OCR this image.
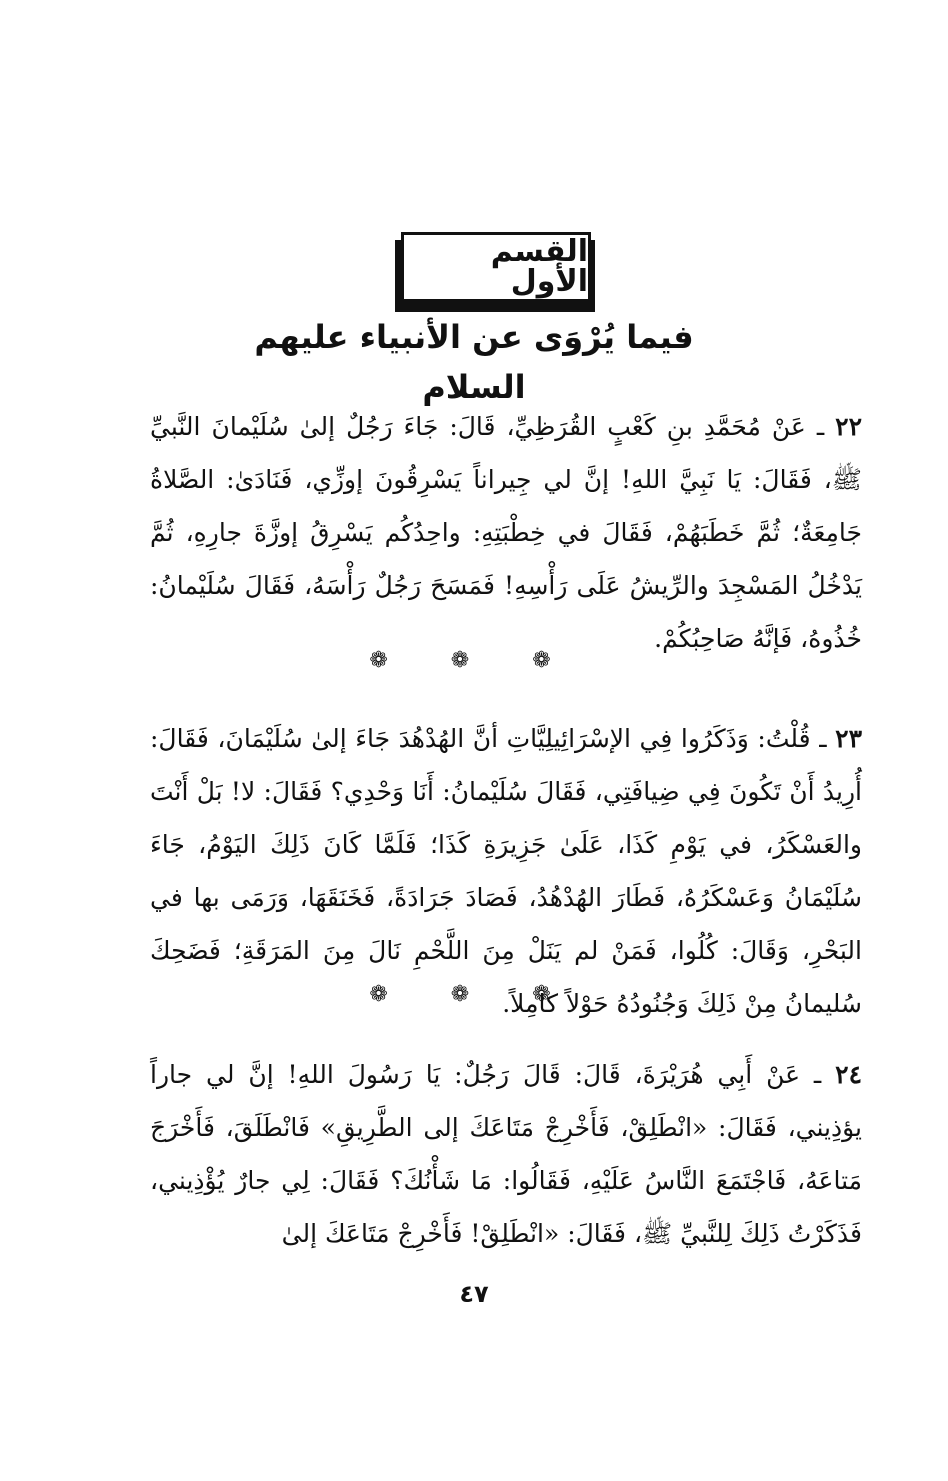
القسم الأول
فيما يُرْوَى عن الأنبياء عليهم السلام

٢٢ ـ عَنْ مُحَمَّدِ بنِ كَعْبٍ القُرَظِيِّ، قَالَ: جَاءَ رَجُلٌ إلىٰ سُلَيْمانَ النَّبيِّ ﷺ، فَقَالَ: يَا نَبِيَّ اللهِ! إنَّ لي جِيراناً يَسْرِقُونَ إوزِّي، فَنَادَىٰ: الصَّلاةُ جَامِعَةٌ؛ ثُمَّ خَطَبَهُمْ، فَقَالَ في خِطْبَتِهِ: واحِدُكُم يَسْرِقُ إوزَّةَ جارِهِ، ثُمَّ يَدْخُلُ المَسْجِدَ والرِّيشُ عَلَى رَأْسِهِ! فَمَسَحَ رَجُلٌ رَأْسَهُ، فَقَالَ سُلَيْمانُ: خُذُوهُ، فَإنَّهُ صَاحِبُكُمْ.

❁ ❁ ❁

٢٣ ـ قُلْتُ: وَذَكَرُوا فِي الإسْرَائِيلِيَّاتِ أنَّ الهُدْهُدَ جَاءَ إلىٰ سُلَيْمَانَ، فَقَالَ: أُرِيدُ أَنْ تَكُونَ فِي ضِيافَتِي، فَقَالَ سُلَيْمانُ: أَنَا وَحْدِي؟ فَقَالَ: لا! بَلْ أَنْتَ والعَسْكَرُ، في يَوْمِ كَذَا، عَلَىٰ جَزِيرَةِ كَذَا؛ فَلَمَّا كَانَ ذَلِكَ اليَوْمُ، جَاءَ سُلَيْمَانُ وَعَسْكَرُهُ، فَطَارَ الهُدْهُدُ، فَصَادَ جَرَادَةً، فَخَنَقَهَا، وَرَمَى بها في البَحْرِ، وَقَالَ: كُلُوا، فَمَنْ لم يَنَلْ مِنَ اللَّحْمِ نَالَ مِنَ المَرَقَةِ؛ فَضَحِكَ سُليمانُ مِنْ ذَلِكَ وَجُنُودُهُ حَوْلاً كامِلاً.

❁ ❁ ❁

٢٤ ـ عَنْ أَبِي هُرَيْرَةَ، قَالَ: قَالَ رَجُلٌ: يَا رَسُولَ اللهِ! إنَّ لي جاراً يؤذِيني، فَقَالَ: «انْطَلِقْ، فَأَخْرِجْ مَتَاعَكَ إلى الطَّرِيقِ» فَانْطَلَقَ، فَأَخْرَجَ مَتاعَهُ، فَاجْتَمَعَ النَّاسُ عَلَيْهِ، فَقَالُوا: مَا شَأْنُكَ؟ فَقَالَ: لِي جارٌ يُؤْذِيني، فَذَكَرْتُ ذَلِكَ لِلنَّبيِّ ﷺ، فَقَالَ: «انْطَلِقْ! فَأَخْرِجْ مَتَاعَكَ إلىٰ

٤٧
